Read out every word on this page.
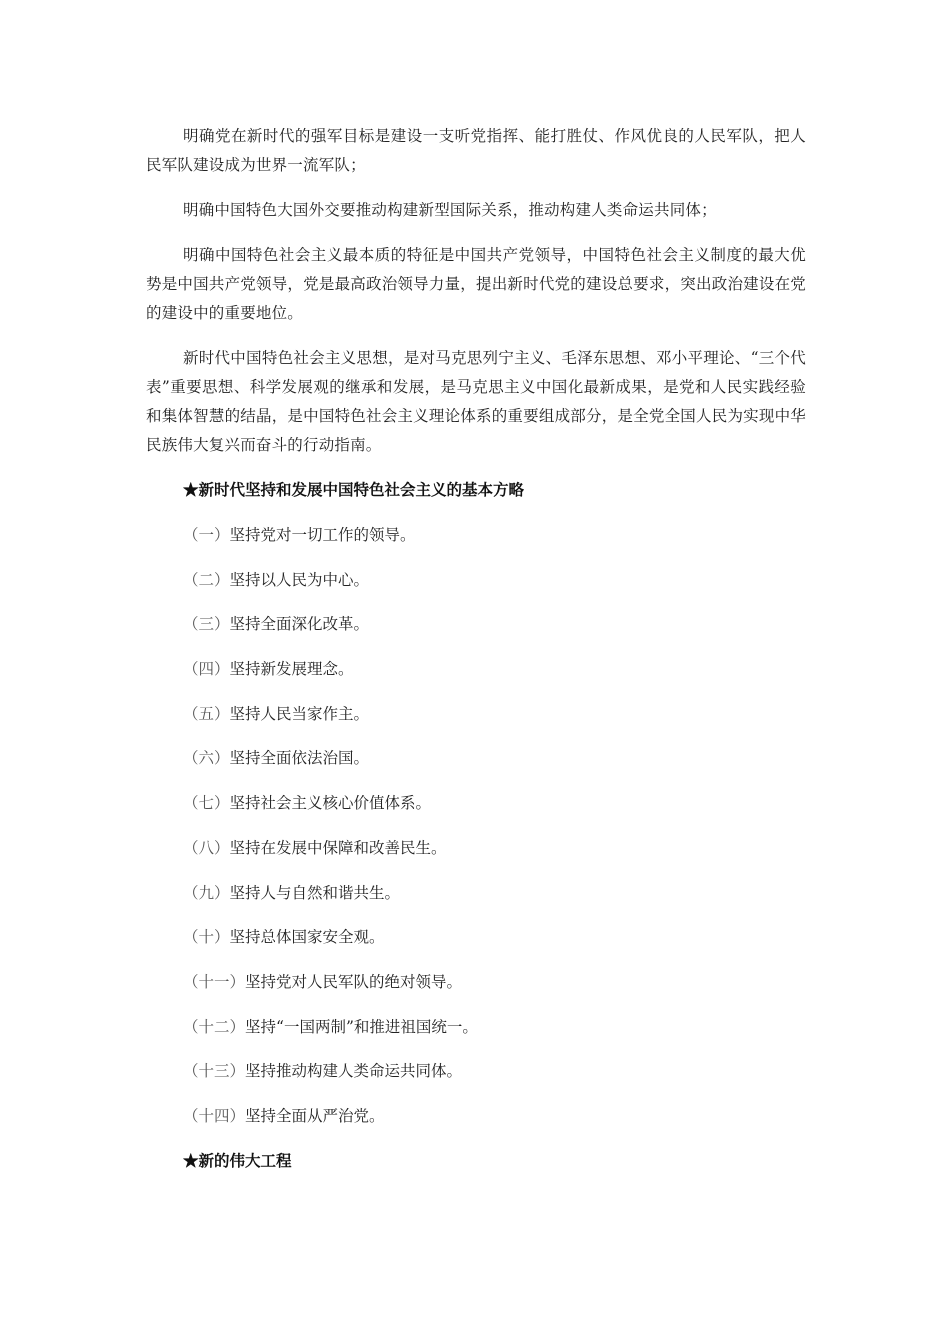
明确党在新时代的强军目标是建设一支听党指挥、能打胜仗、作风优良的人民军队，把人民军队建设成为世界一流军队；

明确中国特色大国外交要推动构建新型国际关系，推动构建人类命运共同体；

明确中国特色社会主义最本质的特征是中国共产党领导，中国特色社会主义制度的最大优势是中国共产党领导，党是最高政治领导力量，提出新时代党的建设总要求，突出政治建设在党的建设中的重要地位。

新时代中国特色社会主义思想，是对马克思列宁主义、毛泽东思想、邓小平理论、“三个代表”重要思想、科学发展观的继承和发展，是马克思主义中国化最新成果，是党和人民实践经验和集体智慧的结晶，是中国特色社会主义理论体系的重要组成部分，是全党全国人民为实现中华民族伟大复兴而奋斗的行动指南。

★新时代坚持和发展中国特色社会主义的基本方略
（一）坚持党对一切工作的领导。
（二）坚持以人民为中心。
（三）坚持全面深化改革。
（四）坚持新发展理念。
（五）坚持人民当家作主。
（六）坚持全面依法治国。
（七）坚持社会主义核心价值体系。
（八）坚持在发展中保障和改善民生。
（九）坚持人与自然和谐共生。
（十）坚持总体国家安全观。
（十一）坚持党对人民军队的绝对领导。
（十二）坚持“一国两制”和推进祖国统一。
（十三）坚持推动构建人类命运共同体。
（十四）坚持全面从严治党。
★新的伟大工程
